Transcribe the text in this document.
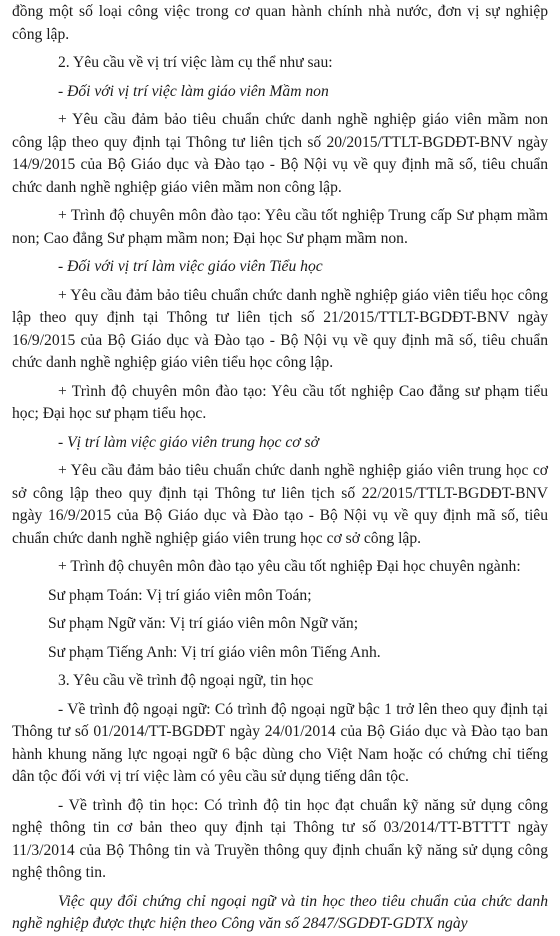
đồng một số loại công việc trong cơ quan hành chính nhà nước, đơn vị sự nghiệp công lập.

2. Yêu cầu về vị trí việc làm cụ thể như sau:

- Đối với vị trí việc làm giáo viên Mầm non

+ Yêu cầu đảm bảo tiêu chuẩn chức danh nghề nghiệp giáo viên mầm non công lập theo quy định tại Thông tư liên tịch số 20/2015/TTLT-BGDĐT-BNV ngày 14/9/2015 của Bộ Giáo dục và Đào tạo - Bộ Nội vụ về quy định mã số, tiêu chuẩn chức danh nghề nghiệp giáo viên mầm non công lập.

+ Trình độ chuyên môn đào tạo: Yêu cầu tốt nghiệp Trung cấp Sư phạm mầm non; Cao đẳng Sư phạm mầm non; Đại học Sư phạm mầm non.

- Đối với vị trí làm việc giáo viên Tiểu học

+ Yêu cầu đảm bảo tiêu chuẩn chức danh nghề nghiệp giáo viên tiểu học công lập theo quy định tại Thông tư liên tịch số 21/2015/TTLT-BGDĐT-BNV ngày 16/9/2015 của Bộ Giáo dục và Đào tạo - Bộ Nội vụ về quy định mã số, tiêu chuẩn chức danh nghề nghiệp giáo viên tiểu học công lập.

+ Trình độ chuyên môn đào tạo: Yêu cầu tốt nghiệp Cao đẳng sư phạm tiểu học; Đại học sư phạm tiểu học.

- Vị trí làm việc giáo viên trung học cơ sở

+ Yêu cầu đảm bảo tiêu chuẩn chức danh nghề nghiệp giáo viên trung học cơ sở công lập theo quy định tại Thông tư liên tịch số 22/2015/TTLT-BGDĐT-BNV ngày 16/9/2015 của Bộ Giáo dục và Đào tạo - Bộ Nội vụ về quy định mã số, tiêu chuẩn chức danh nghề nghiệp giáo viên trung học cơ sở công lập.

+ Trình độ chuyên môn đào tạo yêu cầu tốt nghiệp Đại học chuyên ngành:

Sư phạm Toán: Vị trí giáo viên môn Toán;

Sư phạm Ngữ văn: Vị trí giáo viên môn Ngữ văn;

Sư phạm Tiếng Anh: Vị trí giáo viên môn Tiếng Anh.

3. Yêu cầu về trình độ ngoại ngữ, tin học

- Về trình độ ngoại ngữ: Có trình độ ngoại ngữ bậc 1 trở lên theo quy định tại Thông tư số 01/2014/TT-BGDĐT ngày 24/01/2014 của Bộ Giáo dục và Đào tạo ban hành khung năng lực ngoại ngữ 6 bậc dùng cho Việt Nam hoặc có chứng chỉ tiếng dân tộc đối với vị trí việc làm có yêu cầu sử dụng tiếng dân tộc.

- Về trình độ tin học: Có trình độ tin học đạt chuẩn kỹ năng sử dụng công nghệ thông tin cơ bản theo quy định tại Thông tư số 03/2014/TT-BTTTT ngày 11/3/2014 của Bộ Thông tin và Truyền thông quy định chuẩn kỹ năng sử dụng công nghệ thông tin.

Việc quy đổi chứng chỉ ngoại ngữ và tin học theo tiêu chuẩn của chức danh nghề nghiệp được thực hiện theo Công văn số 2847/SGDĐT-GDTX ngày
